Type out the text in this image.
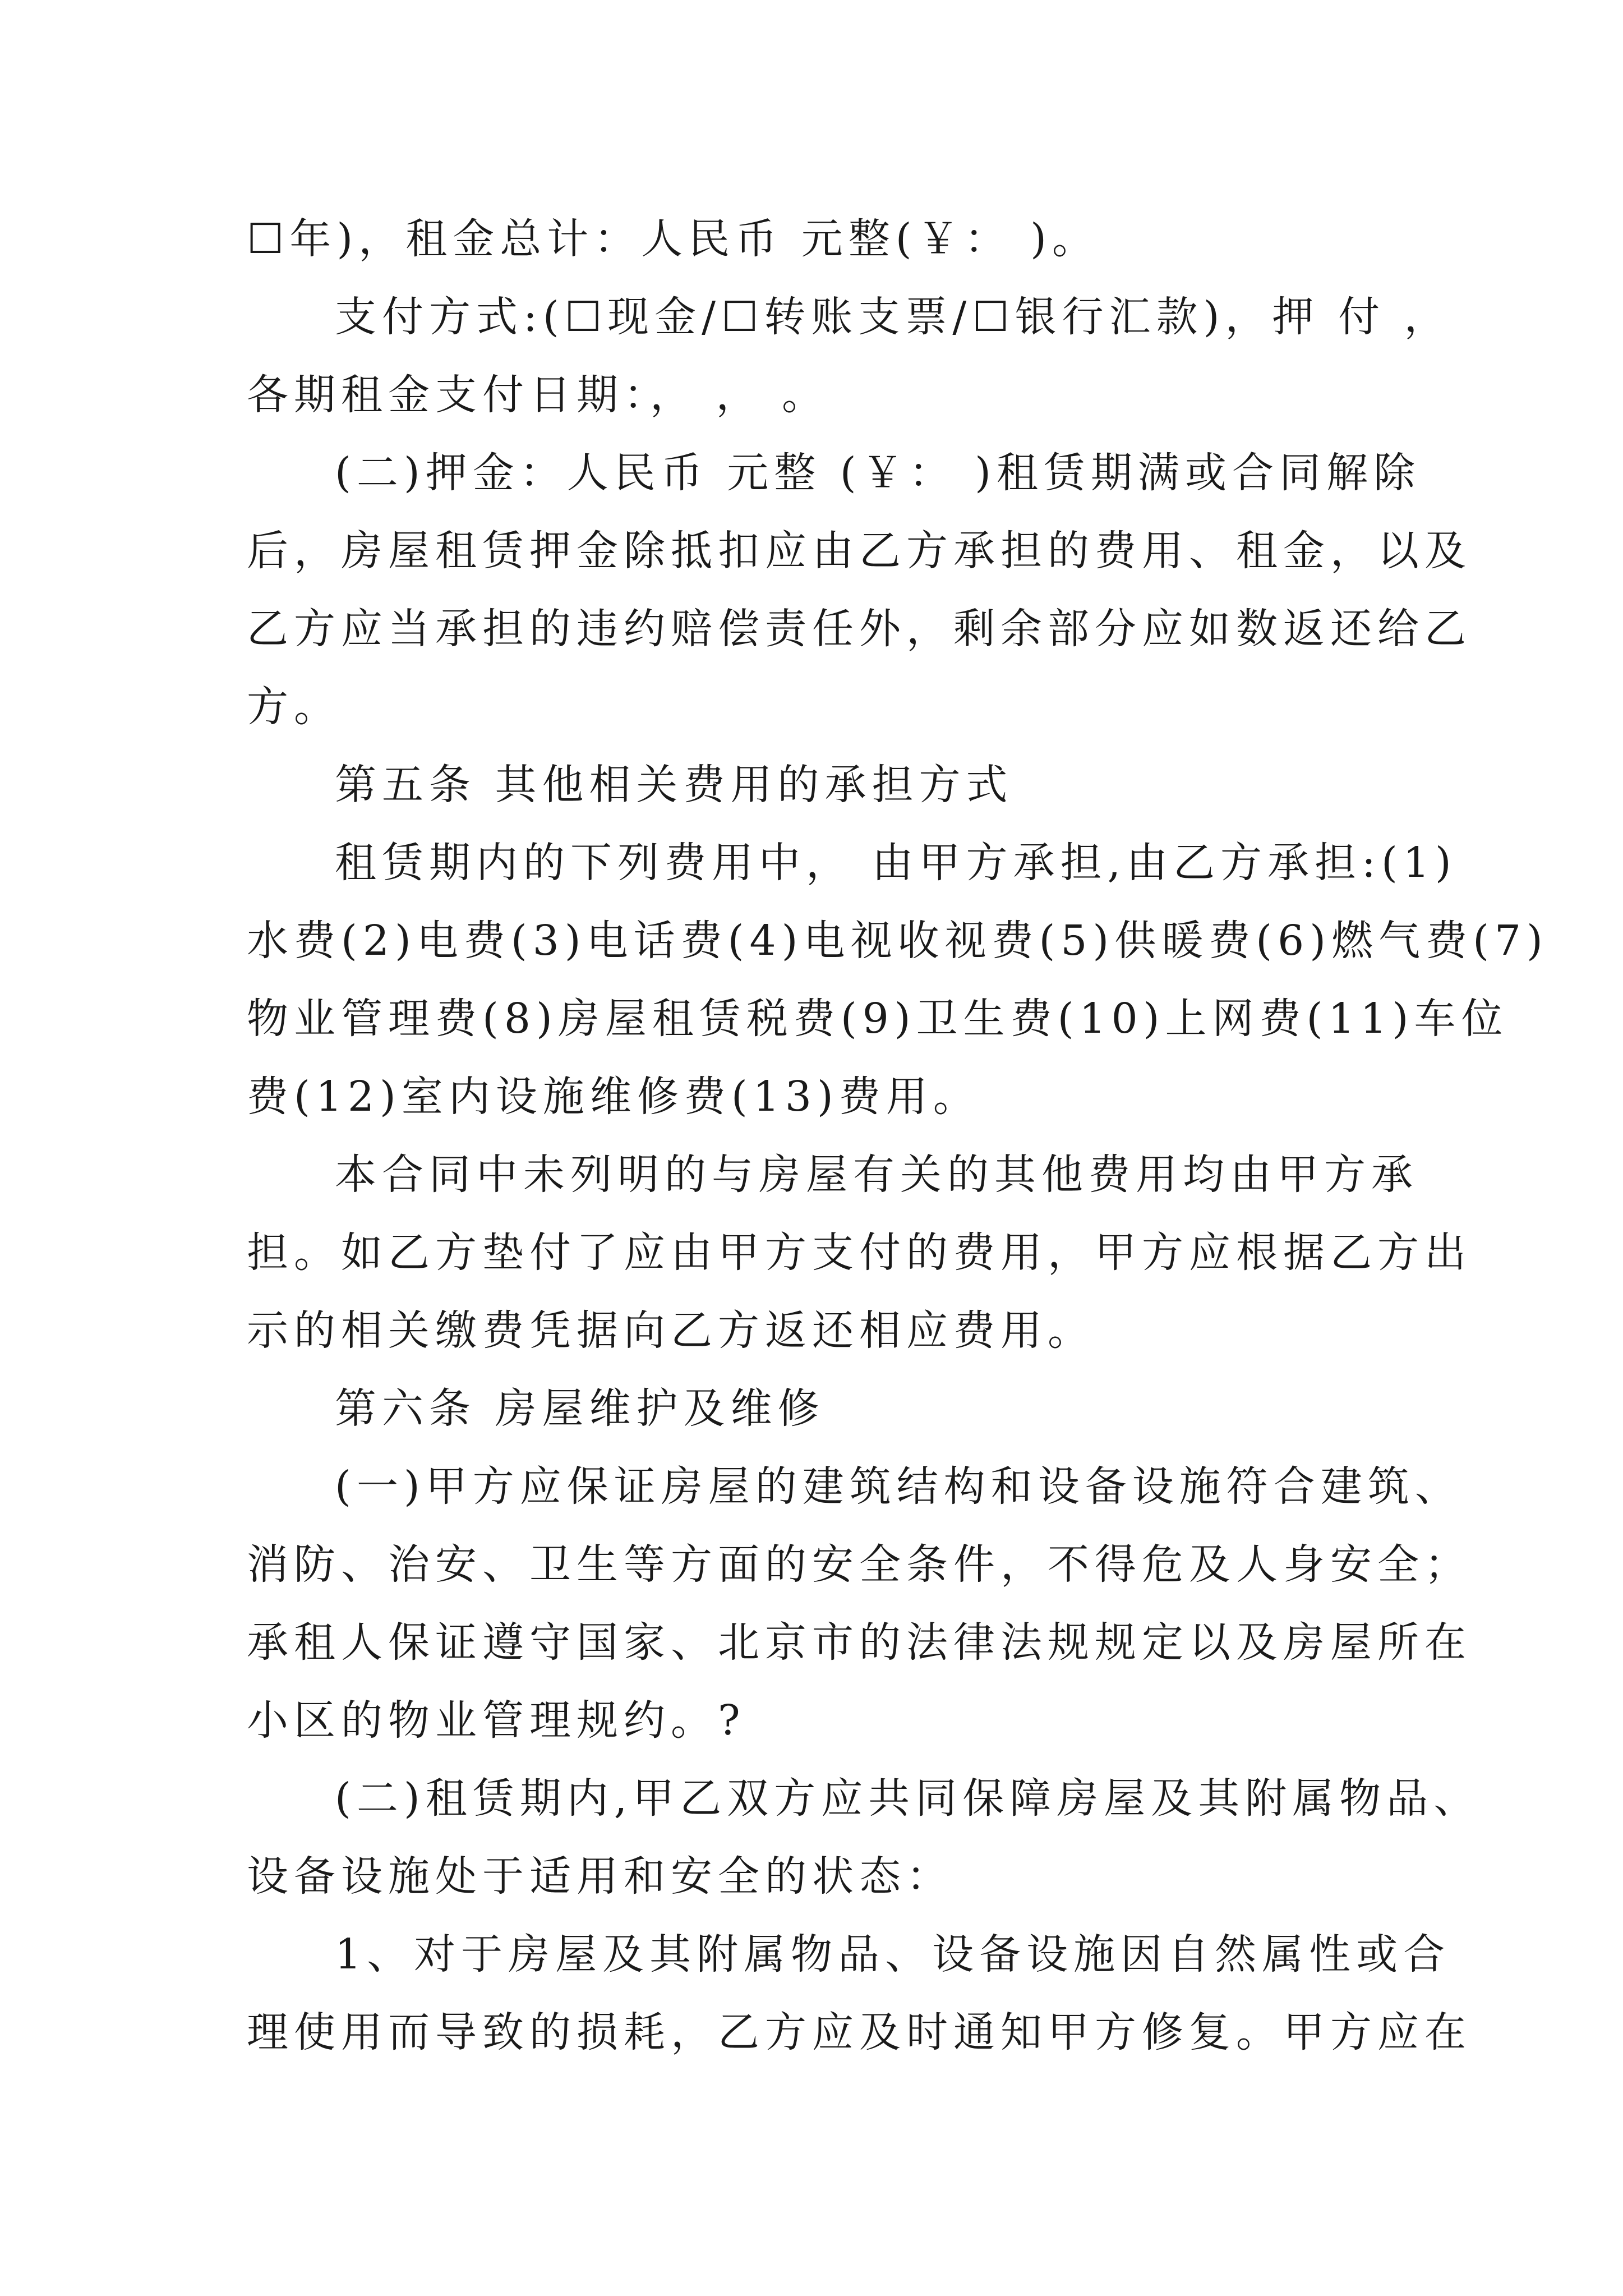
☐年)，租金总计：人民币 元整(￥： )。
支付方式:(☐现金/☐转账支票/☐银行汇款)，押 付 ，
各期租金支付日期：， ， 。
(二)押金：人民币 元整 (￥： )租赁期满或合同解除
后，房屋租赁押金除抵扣应由乙方承担的费用、租金，以及
乙方应当承担的违约赔偿责任外，剩余部分应如数返还给乙
方。
第五条 其他相关费用的承担方式
租赁期内的下列费用中， 由甲方承担,由乙方承担:(1)
水费(2)电费(3)电话费(4)电视收视费(5)供暖费(6)燃气费(7)
物业管理费(8)房屋租赁税费(9)卫生费(10)上网费(11)车位
费(12)室内设施维修费(13)费用。
本合同中未列明的与房屋有关的其他费用均由甲方承
担。如乙方垫付了应由甲方支付的费用，甲方应根据乙方出
示的相关缴费凭据向乙方返还相应费用。
第六条 房屋维护及维修
(一)甲方应保证房屋的建筑结构和设备设施符合建筑、
消防、治安、卫生等方面的安全条件，不得危及人身安全；
承租人保证遵守国家、北京市的法律法规规定以及房屋所在
小区的物业管理规约。?
(二)租赁期内,甲乙双方应共同保障房屋及其附属物品、
设备设施处于适用和安全的状态：
1、对于房屋及其附属物品、设备设施因自然属性或合
理使用而导致的损耗，乙方应及时通知甲方修复。甲方应在
